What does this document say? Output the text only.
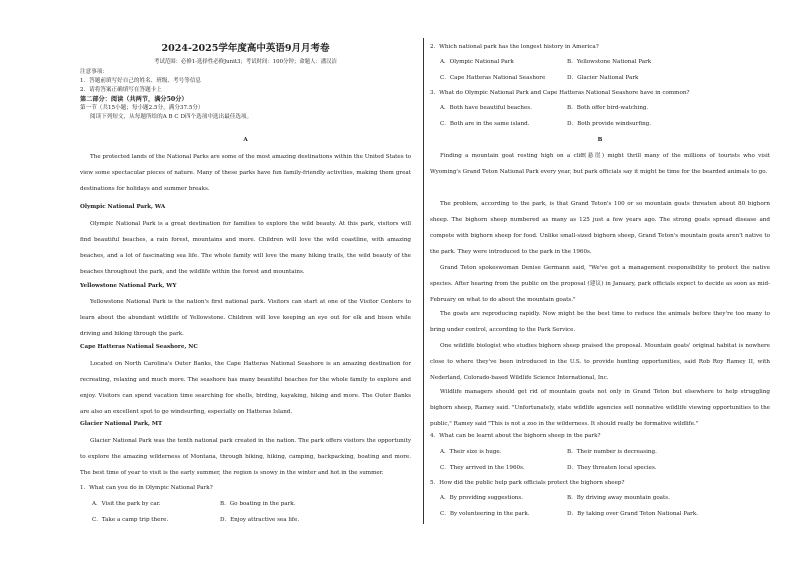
2024-2025学年度高中英语9月月考卷
考试范围：必修1-选择性必修Junit3；考试时间：100分钟；命题人：潘汉洁
注意事项：
1．答题前填写好自己的姓名、班级、考号等信息
2．请将答案正确填写在答题卡上
第二部分：阅读（共两节，满分50分）
第一节（共15小题；每小题2.5分，满分37.5分）
阅读下列短文，从每题所给的A B C D四个选项中选出最佳选项。
A
The protected lands of the National Parks are some of the most amazing destinations within the United States to view some spectacular pieces of nature. Many of these parks have fun family-friendly activities, making them great destinations for holidays and summer breaks.
Olympic National Park, WA
Olympic National Park is a great destination for families to explore the wild beauty. At this park, visitors will find beautiful beaches, a rain forest, mountains and more. Children will love the wild coastline, with amazing beaches, and a lot of fascinating sea life. The whole family will love the many hiking trails, the wild beauty of the beaches throughout the park, and the wildlife within the forest and mountains.
Yellowstone National Park, WY
Yellowstone National Park is the nation's first national park. Visitors can start at one of the Visitor Centers to learn about the abundant wildlife of Yellowstone. Children will love keeping an eye out for elk and bison while driving and hiking through the park.
Cape Hatteras National Seashore, NC
Located on North Carolina's Outer Banks, the Cape Hatteras National Seashore is an amazing destination for recreating, relaxing and much more. The seashore has many beautiful beaches for the whole family to explore and enjoy. Visitors can spend vacation time searching for shells, birding, kayaking, hiking and more. The Outer Banks are also an excellent spot to go windsurfing, especially on Hatteras Island.
Glacier National Park, MT
Glacier National Park was the tenth national park created in the nation. The park offers visitors the opportunity to explore the amazing wilderness of Montana, through biking, hiking, camping, backpacking, boating and more. The best time of year to visit is the early summer, the region is snowy in the winter and hot in the summer.
1．What can you do in Olympic National Park?
A．Visit the park by car.	B．Go boating in the park.
C．Take a camp trip there.	D．Enjoy attractive sea life.
2．Which national park has the longest history in America?
A．Olympic National Park	B．Yellowstone National Park
C．Cape Hatteras National Seashore	D．Glacier National Park
3．What do Olympic National Park and Cape Hatteras National Seashore have in common?
A．Both have beautiful beaches.	B．Both offer bird-watching.
C．Both are in the same island.	D．Both provide windsurfing.
B
Finding a mountain goat resting high on a cliff(悬崖) might thrill many of the millions of tourists who visit Wyoming's Grand Teton National Park every year, but park officials say it might be time for the bearded animals to go.
The problem, according to the park, is that Grand Teton's 100 or so mountain goats threaten about 80 bighorn sheep. The bighorn sheep numbered as many as 125 just a few years ago. The strong goats spread disease and compete with bighorn sheep for food. Unlike small-sized bighorn sheep, Grand Teton's mountain goats aren't native to the park. They were introduced to the park in the 1960s.
Grand Teton spokeswoman Denise Germann said, "We've got a management responsibility to protect the native species. After hearing from the public on the proposal (建议) in January, park officials expect to decide as soon as mid-February on what to do about the mountain goats."
The goats are reproducing rapidly. Now might be the best time to reduce the animals before they're too many to bring under control, according to the Park Service.
One wildlife biologist who studies bighorn sheep praised the proposal. Mountain goats' original habitat is nowhere close to where they've been introduced in the U.S. to provide hunting opportunities, said Rob Roy Ramey II, with Nederland, Colorado-based Wildlife Science International, Inc.
Wildlife managers should get rid of mountain goats not only in Grand Teton but elsewhere to help struggling bighorn sheep, Ramey said. "Unfortunately, state wildlife agencies sell nonnative wildlife viewing opportunities to the public," Ramey said "This is not a zoo in the wilderness. It should really be formative wildlife."
4．What can be learnt about the bighorn sheep in the park?
A．Their size is huge.	B．Their number is decreasing.
C．They arrived in the 1960s.	D．They threaten local species.
5．How did the public help park officials protect the bighorn sheep?
A．By providing suggestions.	B．By driving away mountain goats.
C．By volunteering in the park.	D．By taking over Grand Teton National Park.
